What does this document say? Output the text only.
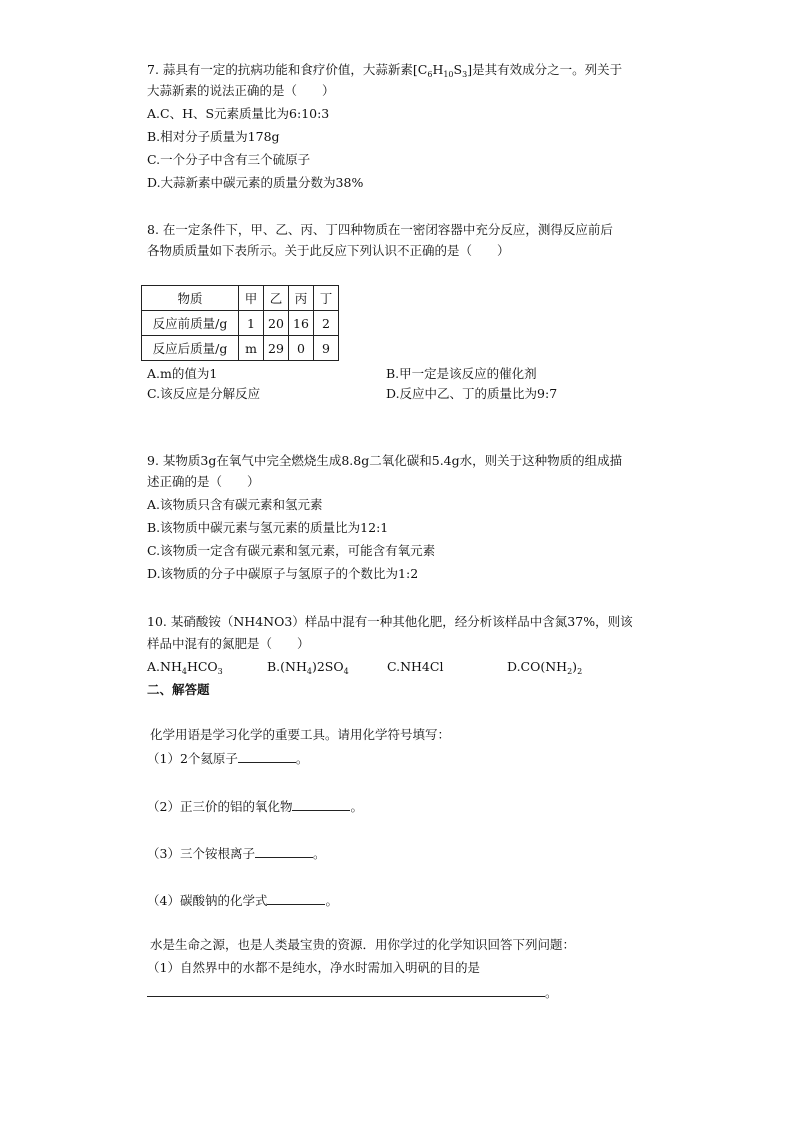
7. 蒜具有一定的抗病功能和食疗价值，大蒜新素$[C_6H_{10}S_3]$是其有效成分之一。列关于
大蒜新素的说法正确的是（　　）
A.C、H、S元素质量比为6:10:3
B.相对分子质量为178g
C.一个分子中含有三个硫原子
D.大蒜新素中碳元素的质量分数为38%
8. 在一定条件下，甲、乙、丙、丁四种物质在一密闭容器中充分反应，测得反应前后
各物质质量如下表所示。关于此反应下列认识不正确的是（　　）
物质	甲	乙	丙	丁
反应前质量/g	1	20	16	2
反应后质量/g	m	29	0	9
A.m的值为1	B.甲一定是该反应的催化剂
C.该反应是分解反应	D.反应中乙、丁的质量比为9:7
9. 某物质3g在氧气中完全燃烧生成8.8g二氧化碳和5.4g水，则关于这种物质的组成描
述正确的是（　　）
A.该物质只含有碳元素和氢元素
B.该物质中碳元素与氢元素的质量比为12:1
C.该物质一定含有碳元素和氢元素，可能含有氧元素
D.该物质的分子中碳原子与氢原子的个数比为1:2
10. 某硝酸铵（NH4NO3）样品中混有一种其他化肥，经分析该样品中含氮37%，则该
样品中混有的氮肥是（　　）
$A.NH_4HCO_3$	$B.(NH_4)2SO_4$	C.NH4Cl	$D.CO(NH_2)_2$
二、解答题
化学用语是学习化学的重要工具。请用化学符号填写：
（1）2个氦原子	。
（2）正三价的铝的氧化物	。
（3）三个铵根离子	。
（4）碳酸钠的化学式	。
水是生命之源，也是人类最宝贵的资源．用你学过的化学知识回答下列问题：
（1）自然界中的水都不是纯水，净水时需加入明矾的目的是
。
